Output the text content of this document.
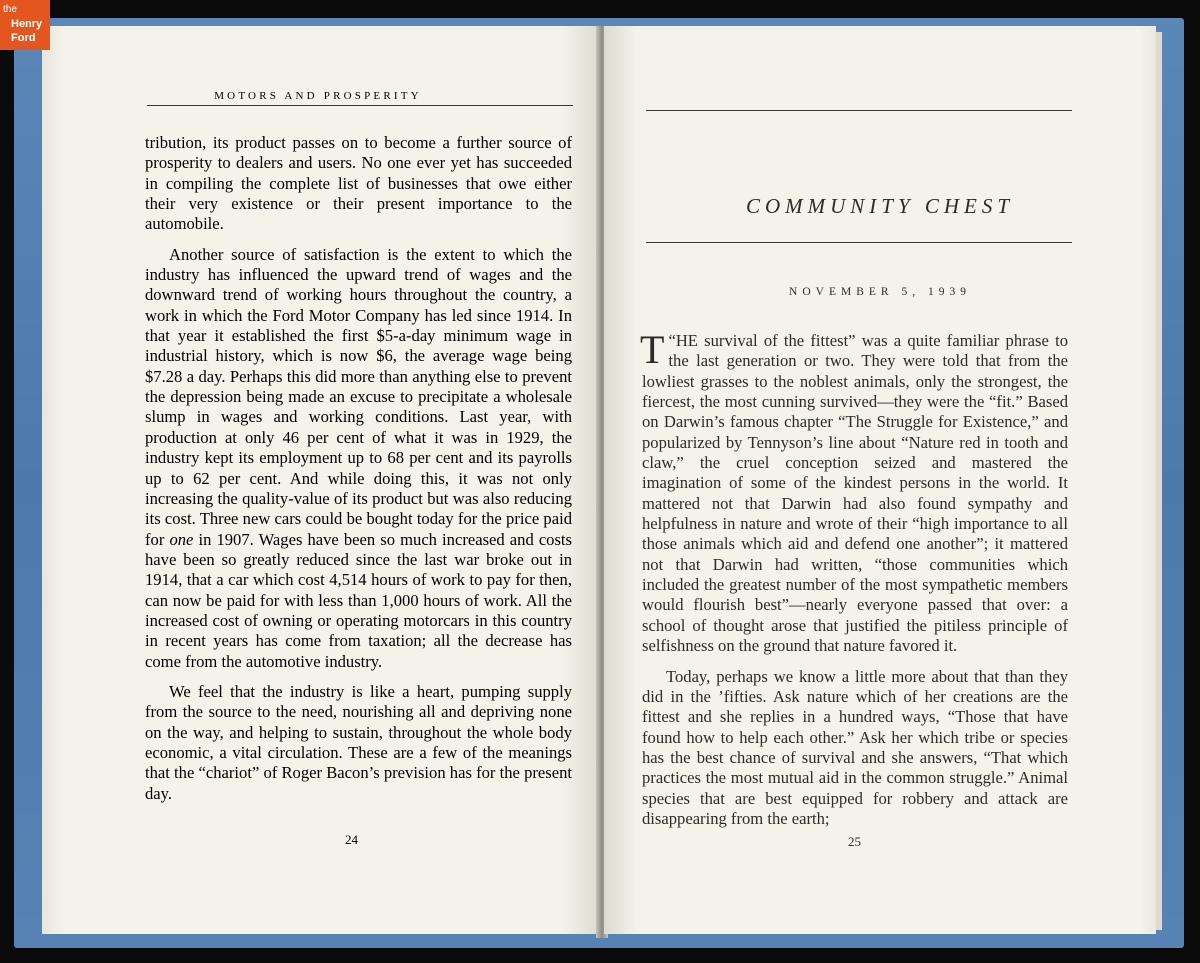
MOTORS AND PROSPERITY

tribution, its product passes on to become a further source of prosperity to dealers and users. No one ever yet has succeeded in compiling the complete list of businesses that owe either their very existence or their present importance to the automobile.

Another source of satisfaction is the extent to which the industry has influenced the upward trend of wages and the downward trend of working hours throughout the country, a work in which the Ford Motor Company has led since 1914. In that year it established the first $5-a-day minimum wage in industrial history, which is now $6, the average wage being $7.28 a day. Perhaps this did more than anything else to prevent the depression being made an excuse to precipitate a wholesale slump in wages and working conditions. Last year, with production at only 46 per cent of what it was in 1929, the industry kept its employment up to 68 per cent and its payrolls up to 62 per cent. And while doing this, it was not only increasing the quality-value of its product but was also reducing its cost. Three new cars could be bought today for the price paid for one in 1907. Wages have been so much increased and costs have been so greatly reduced since the last war broke out in 1914, that a car which cost 4,514 hours of work to pay for then, can now be paid for with less than 1,000 hours of work. All the increased cost of owning or operating motorcars in this country in recent years has come from taxation; all the decrease has come from the automotive industry.

We feel that the industry is like a heart, pumping supply from the source to the need, nourishing all and depriving none on the way, and helping to sustain, throughout the whole body economic, a vital circulation. These are a few of the meanings that the “chariot” of Roger Bacon’s prevision has for the present day.

24
COMMUNITY CHEST
NOVEMBER 5, 1939

“
T HE survival of the fittest” was a quite familiar phrase to the last generation or two. They were told that from the lowliest grasses to the noblest animals, only the strongest, the fiercest, the most cunning survived—they were the “fit.” Based on Darwin’s famous chapter “The Struggle for Existence,” and popularized by Tennyson’s line about “Nature red in tooth and claw,” the cruel conception seized and mastered the imagination of some of the kindest persons in the world. It mattered not that Darwin had also found sympathy and helpfulness in nature and wrote of their “high importance to all those animals which aid and defend one another”; it mattered not that Darwin had written, “those communities which included the greatest number of the most sympathetic members would flourish best”—nearly everyone passed that over: a school of thought arose that justified the pitiless principle of selfishness on the ground that nature favored it.

Today, perhaps we know a little more about that than they did in the ’fifties. Ask nature which of her creations are the fittest and she replies in a hundred ways, “Those that have found how to help each other.” Ask her which tribe or species has the best chance of survival and she answers, “That which practices the most mutual aid in the common struggle.” Animal species that are best equipped for robbery and attack are disappearing from the earth;

25
the
Henry
Ford
